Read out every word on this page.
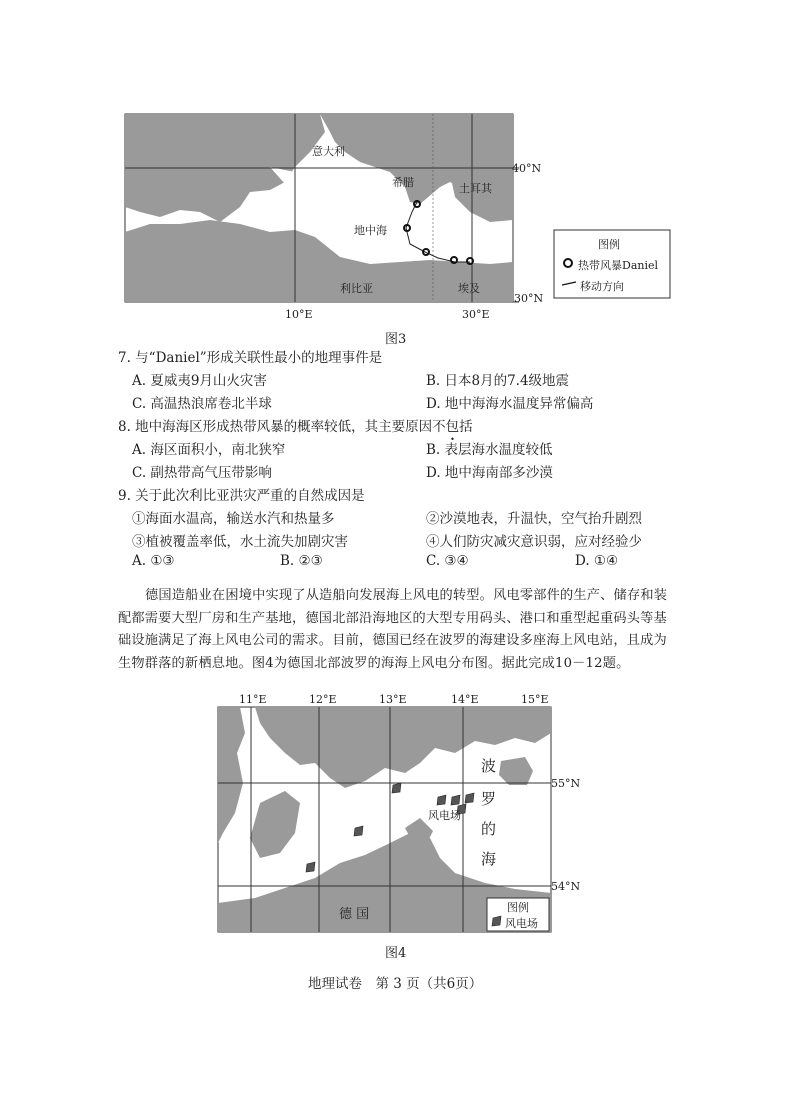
意大利
希腊	土耳其
地中海
利比亚	埃及
40°N
30°N
10°E	30°E
图例
热带风暴Daniel
移动方向
图3
7. 与“Daniel”形成关联性最小的地理事件是
A. 夏威夷9月山火灾害	B. 日本8月的7.4级地震
C. 高温热浪席卷北半球	D. 地中海海水温度异常偏高
8. 地中海海区形成热带风暴的概率较低，其主要原因不包括
A. 海区面积小，南北狭窄	B. 表层海水温度较低
C. 副热带高气压带影响	D. 地中海南部多沙漠
9. 关于此次利比亚洪灾严重的自然成因是
①海面水温高，输送水汽和热量多	②沙漠地表，升温快，空气抬升剧烈
③植被覆盖率低，水土流失加剧灾害	④人们防灾减灾意识弱，应对经验少
A. ①③	B. ②③	C. ③④	D. ①④
德国造船业在困境中实现了从造船向发展海上风电的转型。风电零部件的生产、储存和装配都需要大型厂房和生产基地，德国北部沿海地区的大型专用码头、港口和重型起重码头等基础设施满足了海上风电公司的需求。目前，德国已经在波罗的海建设多座海上风电站，且成为生物群落的新栖息地。图4为德国北部波罗的海海上风电分布图。据此完成10－12题。
11°E	12°E	13°E	14°E	15°E
55°N
54°N
波
罗
的
海
风电场
德 国	图例
风电场
图4
地理试卷　第 3 页（共6页）
